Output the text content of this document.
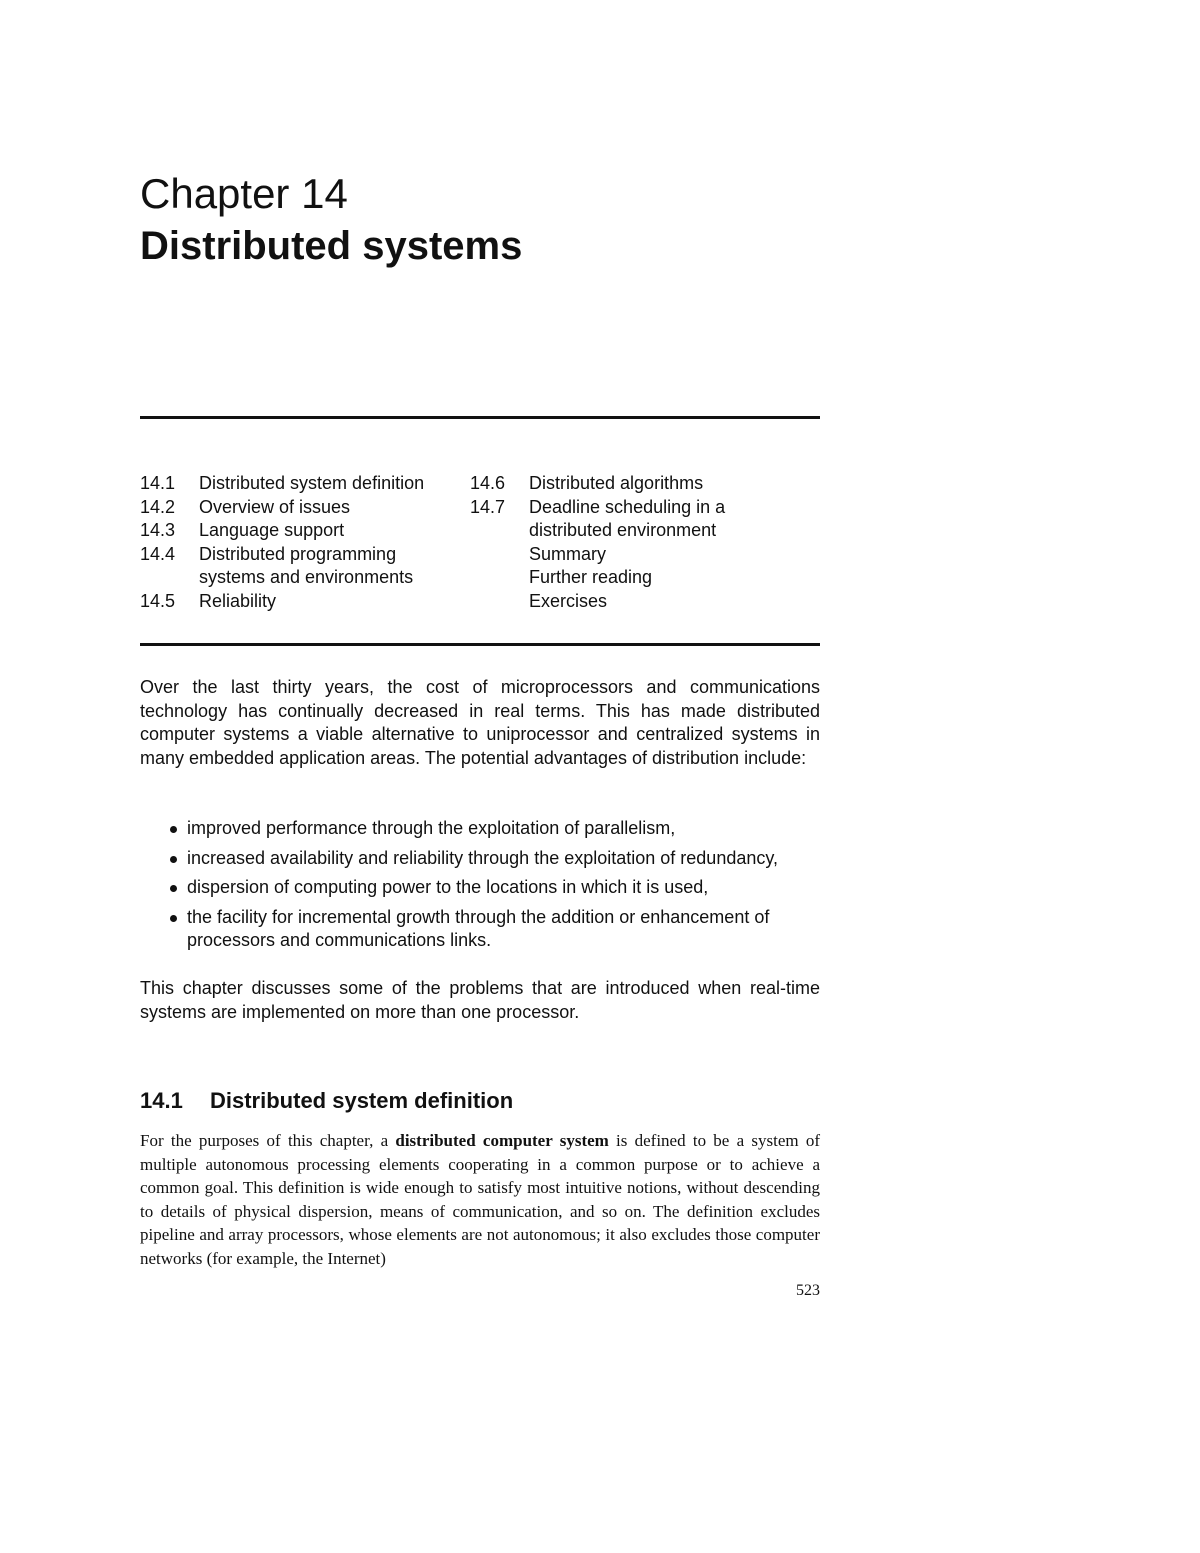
Chapter 14
Distributed systems
14.1	Distributed system definition
14.2	Overview of issues
14.3	Language support
14.4	Distributed programming
systems and environments
14.5	Reliability
14.6	Distributed algorithms
14.7	Deadline scheduling in a
distributed environment
Summary
Further reading
Exercises

Over the last thirty years, the cost of microprocessors and communications technology has continually decreased in real terms. This has made distributed computer systems a viable alternative to uniprocessor and centralized systems in many embedded application areas. The potential advantages of distribution include:

improved performance through the exploitation of parallelism,
increased availability and reliability through the exploitation of redundancy,
dispersion of computing power to the locations in which it is used,
the facility for incremental growth through the addition or enhancement of processors and communications links.

This chapter discusses some of the problems that are introduced when real-time systems are implemented on more than one processor.

14.1	Distributed system definition

For the purposes of this chapter, a distributed computer system is defined to be a system of multiple autonomous processing elements cooperating in a common purpose or to achieve a common goal. This definition is wide enough to satisfy most intuitive notions, without descending to details of physical dispersion, means of communication, and so on. The definition excludes pipeline and array processors, whose elements are not autonomous; it also excludes those computer networks (for example, the Internet)

523
